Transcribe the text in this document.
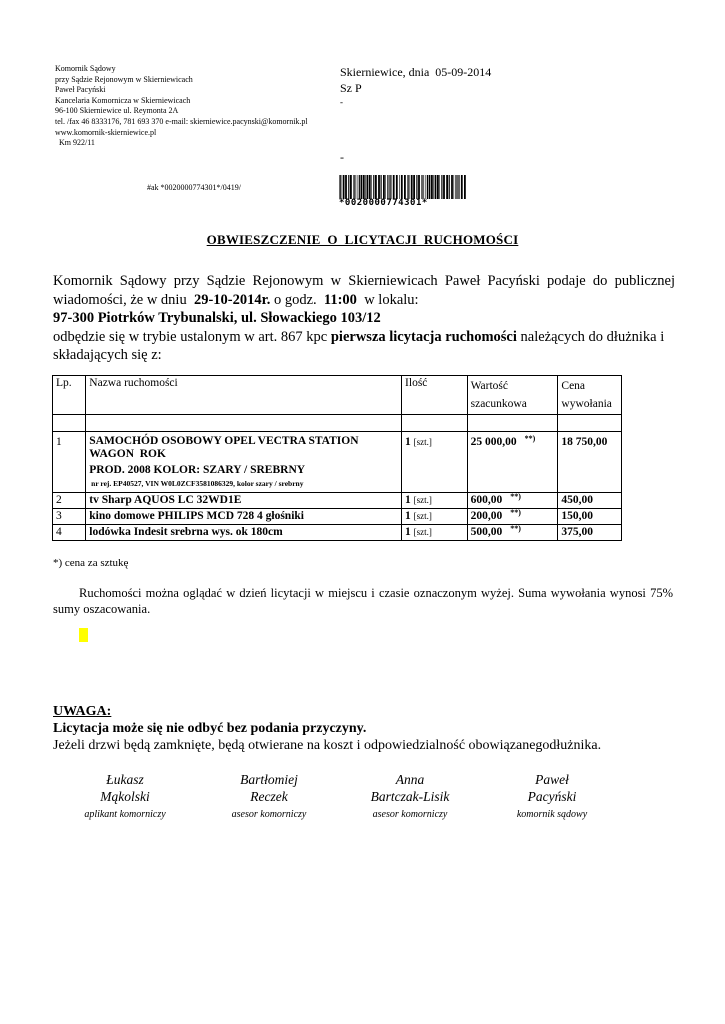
Komornik Sądowy
przy Sądzie Rejonowym w Skierniewicach
Paweł Pacyński
Kancelaria Komornicza w Skierniewicach
96-100 Skierniewice ul. Reymonta 2A
tel. /fax 46 8333176, 781 693 370 e-mail: skierniewice.pacynski@komornik.pl
www.komornik-skierniewice.pl
Km 922/11
Skierniewice, dnia  05-09-2014
Sz P
-
-
#ak *0020000774301*/0419/
*0020000774301*
OBWIESZCZENIE  O  LICYTACJI  RUCHOMOŚCI
Komornik Sądowy przy Sądzie Rejonowym w Skierniewicach Paweł Pacyński podaje do publicznej
wiadomości, że w dniu  29-10-2014r. o godz.  11:00  w lokalu:
97-300 Piotrków Trybunalski, ul. Słowackiego 103/12
odbędzie się w trybie ustalonym w art. 867 kpc pierwsza licytacja ruchomości należących do dłużnika i
składających się z:
Lp.	Nazwa ruchomości	Ilość	Wartość szacunkowa	Cena wywołania

1	SAMOCHÓD OSOBOWY OPEL VECTRA STATION
WAGON  ROK
PROD. 2008 KOLOR: SZARY / SREBRNY
nr rej. EP40527, VIN W0L0ZCF3581086329, kolor szary / srebrny	1 [szt.]	25 000,00 **)	18 750,00
2	tv Sharp AQUOS LC 32WD1E	1 [szt.]	600,00 **)	450,00
3	kino domowe PHILIPS MCD 728 4 głośniki	1 [szt.]	200,00 **)	150,00
4	lodówka Indesit srebrna wys. ok 180cm	1 [szt.]	500,00 **)	375,00
*) cena za sztukę
Ruchomości można oglądać w dzień licytacji w miejscu i czasie oznaczonym wyżej. Suma wywołania wynosi 75% sumy oszacowania.
UWAGA:
Licytacja może się nie odbyć bez podania przyczyny.
Jeżeli drzwi będą zamknięte, będą otwierane na koszt i odpowiedzialność obowiązanegodłużnika.
Łukasz
Mąkolski
aplikant komorniczy
Bartłomiej
Reczek
asesor komorniczy
Anna
Bartczak-Lisik
asesor komorniczy
Paweł
Pacyński
komornik sądowy
